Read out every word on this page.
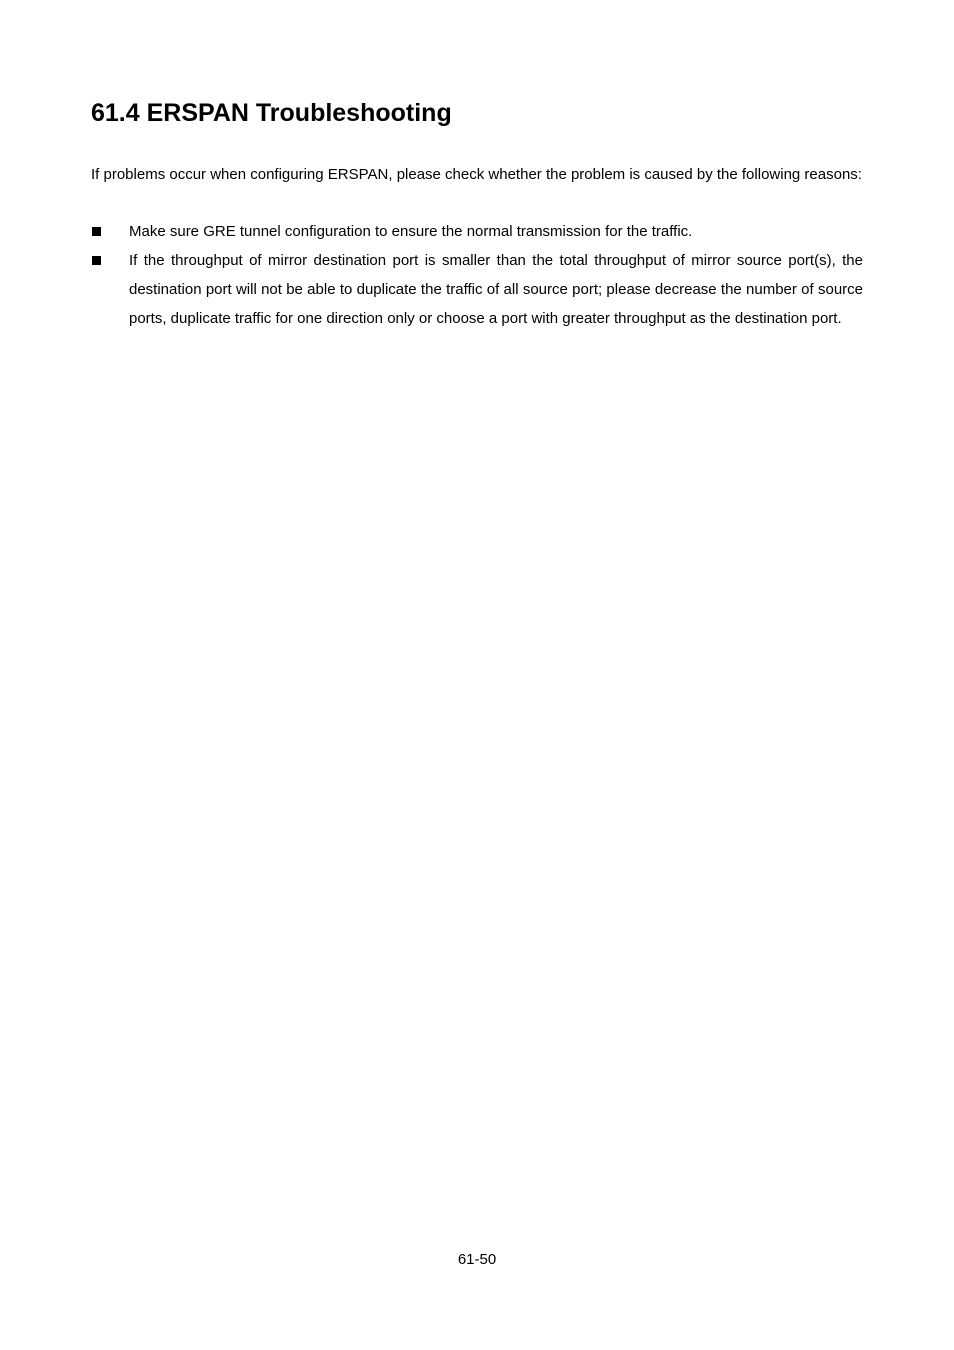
61.4 ERSPAN Troubleshooting

If problems occur when configuring ERSPAN, please check whether the problem is caused by the following reasons:

Make sure GRE tunnel configuration to ensure the normal transmission for the traffic.
If the throughput of mirror destination port is smaller than the total throughput of mirror source port(s), the destination port will not be able to duplicate the traffic of all source port; please decrease the number of source ports, duplicate traffic for one direction only or choose a port with greater throughput as the destination port.
61-50
